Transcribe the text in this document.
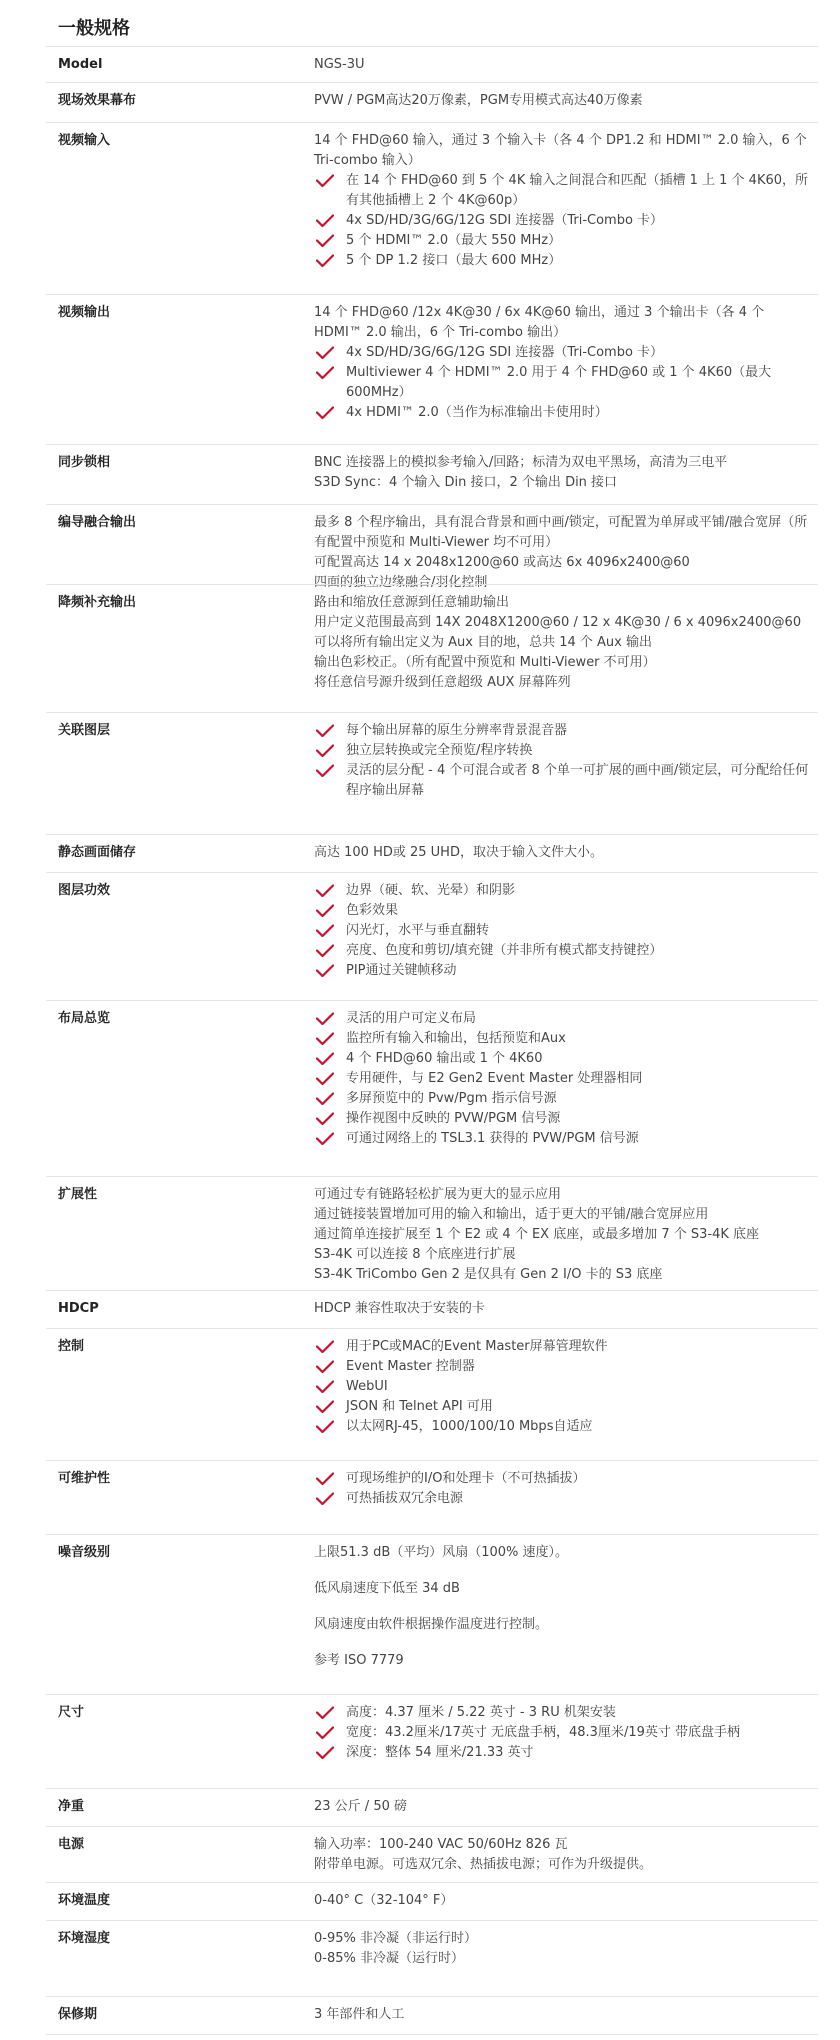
一般规格
Model	NGS-3U
现场效果幕布	PVW / PGM高达20万像素，PGM专用模式高达40万像素
视频输入	14 个 FHD@60 输入，通过 3 个输入卡（各 4 个 DP1.2 和 HDMI™ 2.0 输入，6 个 Tri-combo 输入）
在 14 个 FHD@60 到 5 个 4K 输入之间混合和匹配（插槽 1 上 1 个 4K60，所有其他插槽上 2 个 4K@60p）
4x SD/HD/3G/6G/12G SDI 连接器（Tri-Combo 卡）
5 个 HDMI™ 2.0（最大 550 MHz）
5 个 DP 1.2 接口（最大 600 MHz）
视频输出	14 个 FHD@60 /12x 4K@30 / 6x 4K@60 输出，通过 3 个输出卡（各 4 个 HDMI™ 2.0 输出，6 个 Tri-combo 输出）
4x SD/HD/3G/6G/12G SDI 连接器（Tri-Combo 卡）
Multiviewer 4 个 HDMI™ 2.0 用于 4 个 FHD@60 或 1 个 4K60（最大 600MHz）
4x HDMI™ 2.0（当作为标准输出卡使用时）
同步锁相	BNC 连接器上的模拟参考输入/回路；标清为双电平黑场，高清为三电平
S3D Sync：4 个输入 Din 接口，2 个输出 Din 接口
编导融合输出	最多 8 个程序输出，具有混合背景和画中画/锁定，可配置为单屏或平铺/融合宽屏（所有配置中预览和 Multi-Viewer 均不可用）
可配置高达 14 x 2048x1200@60 或高达 6x 4096x2400@60
四面的独立边缘融合/羽化控制
降频补充输出	路由和缩放任意源到任意辅助输出
用户定义范围最高到 14X 2048X1200@60 / 12 x 4K@30 / 6 x 4096x2400@60
可以将所有输出定义为 Aux 目的地，总共 14 个 Aux 输出
输出色彩校正。（所有配置中预览和 Multi-Viewer 不可用）
将任意信号源升级到任意超级 AUX 屏幕阵列
关联图层	每个输出屏幕的原生分辨率背景混音器
独立层转换或完全预览/程序转换
灵活的层分配 - 4 个可混合或者 8 个单一可扩展的画中画/锁定层，可分配给任何程序输出屏幕
静态画面储存	高达 100 HD或 25 UHD，取决于输入文件大小。
图层功效	边界（硬、软、光晕）和阴影
色彩效果
闪光灯，水平与垂直翻转
亮度、色度和剪切/填充键（并非所有模式都支持键控）
PIP通过关键帧移动
布局总览	灵活的用户可定义布局
监控所有输入和输出，包括预览和Aux
4 个 FHD@60 输出或 1 个 4K60
专用硬件，与 E2 Gen2 Event Master 处理器相同
多屏预览中的 Pvw/Pgm 指示信号源
操作视图中反映的 PVW/PGM 信号源
可通过网络上的 TSL3.1 获得的 PVW/PGM 信号源
扩展性	可通过专有链路轻松扩展为更大的显示应用
通过链接装置增加可用的输入和输出，适于更大的平铺/融合宽屏应用
通过简单连接扩展至 1 个 E2 或 4 个 EX 底座，或最多增加 7 个 S3-4K 底座
S3-4K 可以连接 8 个底座进行扩展
S3-4K TriCombo Gen 2 是仅具有 Gen 2 I/O 卡的 S3 底座
HDCP	HDCP 兼容性取决于安装的卡
控制	用于PC或MAC的Event Master屏幕管理软件
Event Master 控制器
WebUI
JSON 和 Telnet API 可用
以太网RJ-45，1000/100/10 Mbps自适应
可维护性	可现场维护的I/O和处理卡（不可热插拔）
可热插拔双冗余电源
噪音级别	上限51.3 dB（平均）风扇（100% 速度）。
低风扇速度下低至 34 dB
风扇速度由软件根据操作温度进行控制。
参考 ISO 7779
尺寸	高度：4.37 厘米 / 5.22 英寸 - 3 RU 机架安装
宽度：43.2厘米/17英寸 无底盘手柄，48.3厘米/19英寸 带底盘手柄
深度：整体 54 厘米/21.33 英寸
净重	23 公斤 / 50 磅
电源	输入功率：100-240 VAC 50/60Hz 826 瓦
附带单电源。可选双冗余、热插拔电源；可作为升级提供。
环境温度	0-40° C（32-104° F）
环境湿度	0-95% 非冷凝（非运行时）
0-85% 非冷凝（运行时）
保修期	3 年部件和人工
